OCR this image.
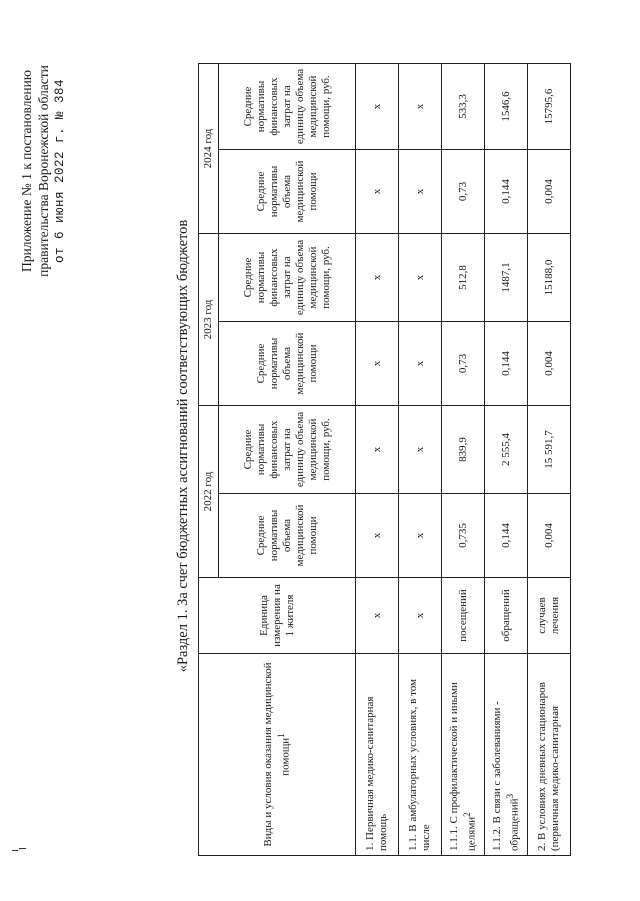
Приложение № 1 к постановлению правительства Воронежской области от 6 июня 2022 г. № 384
«Раздел 1. За счет бюджетных ассигнований соответствующих бюджетов
Виды и условия оказания медицинской помощи$^1$	Единица измерения на 1 жителя	2022 год		2023 год		2024 год	
		Средние нормативы объема медицинской помощи	Средние нормативы финансовых затрат на единицу объема медицинской помощи, руб.	Средние нормативы объема медицинской помощи	Средние нормативы финансовых затрат на единицу объема медицинской помощи, руб.	Средние нормативы объема медицинской помощи	Средние нормативы финансовых затрат на единицу объема медицинской помощи, руб.
1. Первичная медико-санитарная помощь	х	х	х	х	х	х	х
1.1. В амбулаторных условиях, в том числе	х	х	х	х	х	х	х
1.1.1. С профилактической и иными целями$^2$	посещений	0,735	839,9	0,73	512,8	0,73	533,3
1.1.2. В связи с заболеваниями - обращений$^3$	обращений	0,144	2 555,4	0,144	1487,1	0,144	1546,6
2. В условиях дневных стационаров (первичная медико-санитарная	случаев лечения	0,004	15 591,7	0,004	15188,0	0,004	15795,6
